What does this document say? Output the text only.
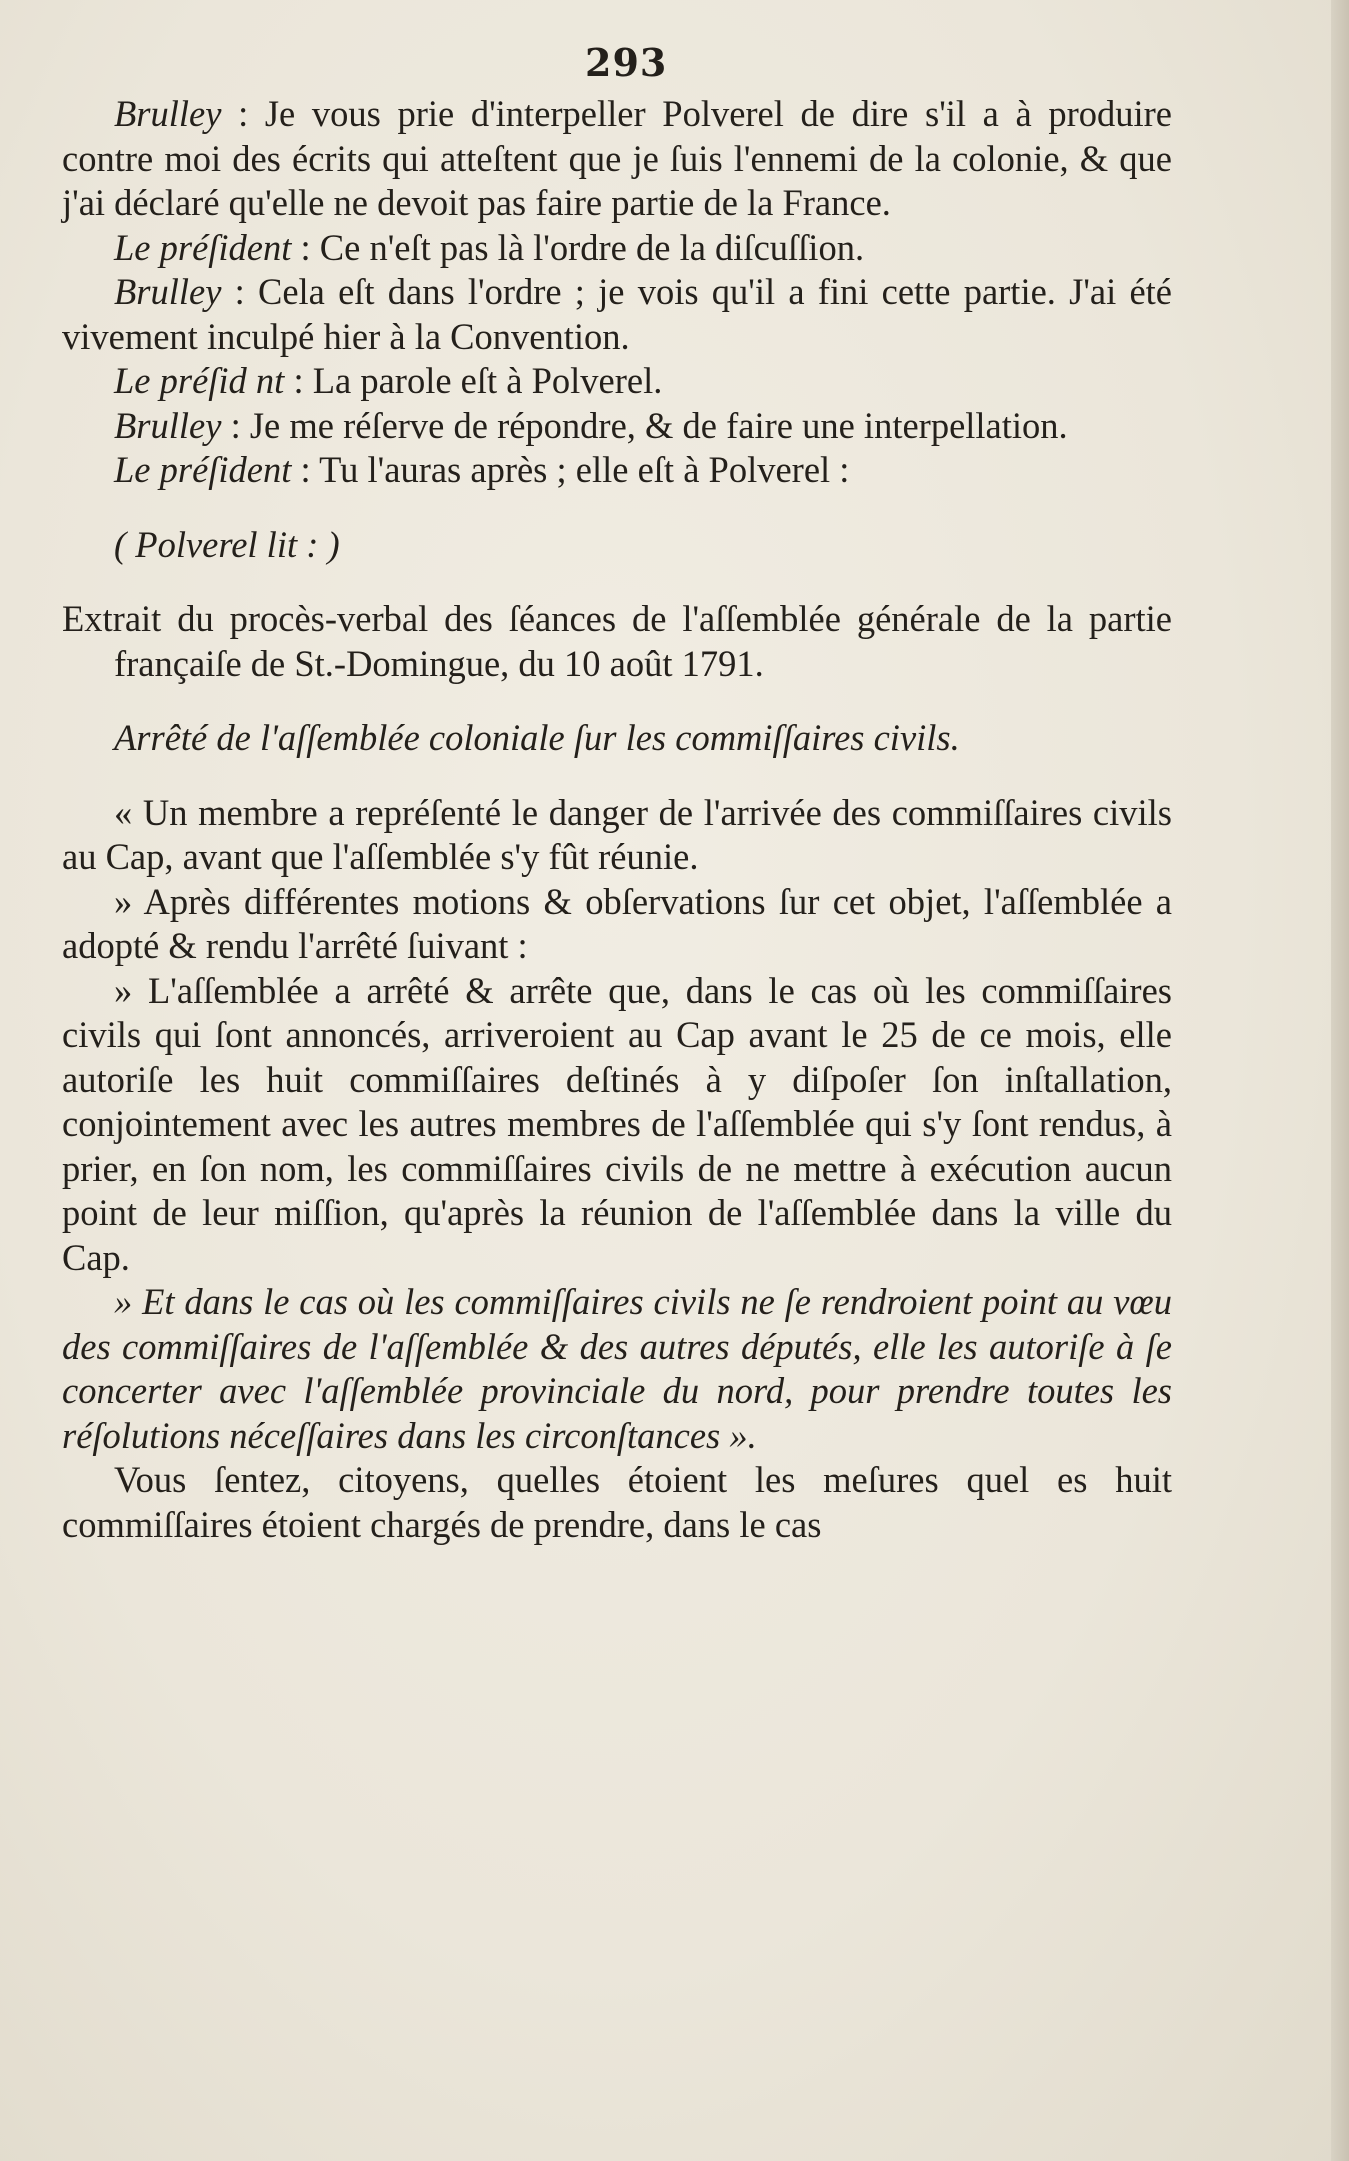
293

Brulley : Je vous prie d'interpeller Polverel de dire s'il a à produire contre moi des écrits qui atteſtent que je ſuis l'ennemi de la colonie, & que j'ai déclaré qu'elle ne devoit pas faire partie de la France.

Le préſident : Ce n'eſt pas là l'ordre de la diſcuſſion.

Brulley : Cela eſt dans l'ordre ; je vois qu'il a fini cette partie. J'ai été vivement inculpé hier à la Convention.

Le préſid nt : La parole eſt à Polverel.

Brulley : Je me réſerve de répondre, & de faire une interpellation.

Le préſident : Tu l'auras après ; elle eſt à Polverel :

( Polverel lit : )

Extrait du procès-verbal des ſéances de l'aſſemblée générale de la partie françaiſe de St.-Domingue, du 10 août 1791.

Arrêté de l'aſſemblée coloniale ſur les commiſſaires civils.

« Un membre a repréſenté le danger de l'arrivée des commiſſaires civils au Cap, avant que l'aſſemblée s'y fût réunie.

» Après différentes motions & obſervations ſur cet objet, l'aſſemblée a adopté & rendu l'arrêté ſuivant :

» L'aſſemblée a arrêté & arrête que, dans le cas où les commiſſaires civils qui ſont annoncés, arriveroient au Cap avant le 25 de ce mois, elle autoriſe les huit commiſſaires deſtinés à y diſpoſer ſon inſtallation, conjointement avec les autres membres de l'aſſemblée qui s'y ſont rendus, à prier, en ſon nom, les commiſſaires civils de ne mettre à exécution aucun point de leur miſſion, qu'après la réunion de l'aſſemblée dans la ville du Cap.

» Et dans le cas où les commiſſaires civils ne ſe rendroient point au vœu des commiſſaires de l'aſſemblée & des autres députés, elle les autoriſe à ſe concerter avec l'aſſemblée provinciale du nord, pour prendre toutes les réſolutions néceſſaires dans les circonſtances ».

Vous ſentez, citoyens, quelles étoient les meſures quel es huit commiſſaires étoient chargés de prendre, dans le cas
